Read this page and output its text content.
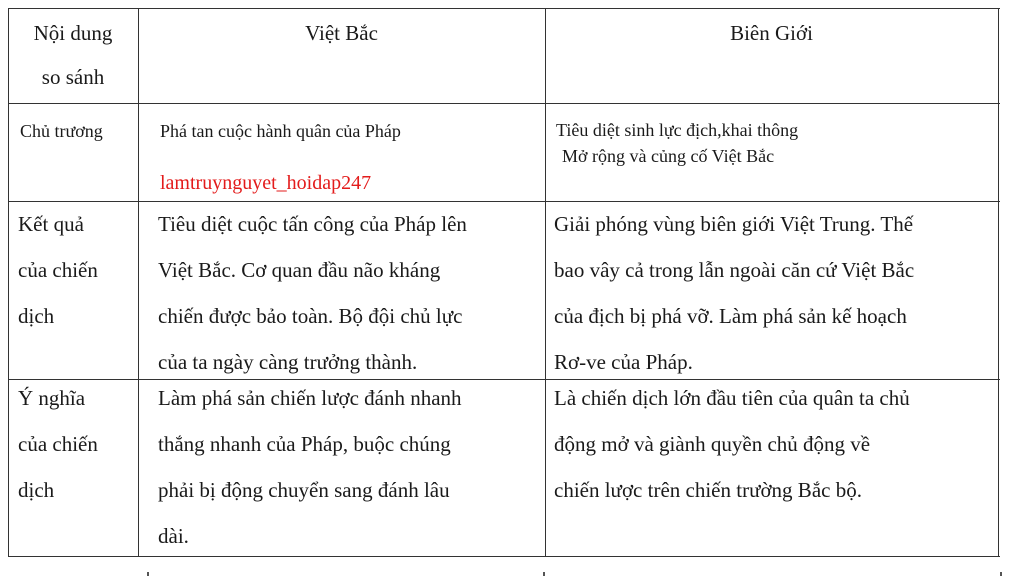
Nội dung
so sánh
Việt Bắc	Biên Giới
Chủ trương	Phá tan cuộc hành quân của Pháp
lamtruynguyet_hoidap247
Tiêu diệt sinh lực địch,khai thông
Mở rộng và củng cố Việt Bắc
Kết quả
của chiến
dịch
Tiêu diệt cuộc tấn công của Pháp lên
Việt Bắc. Cơ quan đầu não kháng
chiến được bảo toàn. Bộ đội chủ lực
của ta ngày càng trưởng thành.
Giải phóng vùng biên giới Việt Trung. Thế
bao vây cả trong lẫn ngoài căn cứ Việt Bắc
của địch bị phá vỡ. Làm phá sản kế hoạch
Rơ-ve của Pháp.
Ý nghĩa
của chiến
dịch
Làm phá sản chiến lược đánh nhanh
thắng nhanh của Pháp, buộc chúng
phải bị động chuyển sang đánh lâu
dài.
Là chiến dịch lớn đầu tiên của quân ta chủ
động mở và giành quyền chủ động về
chiến lược trên chiến trường Bắc bộ.
